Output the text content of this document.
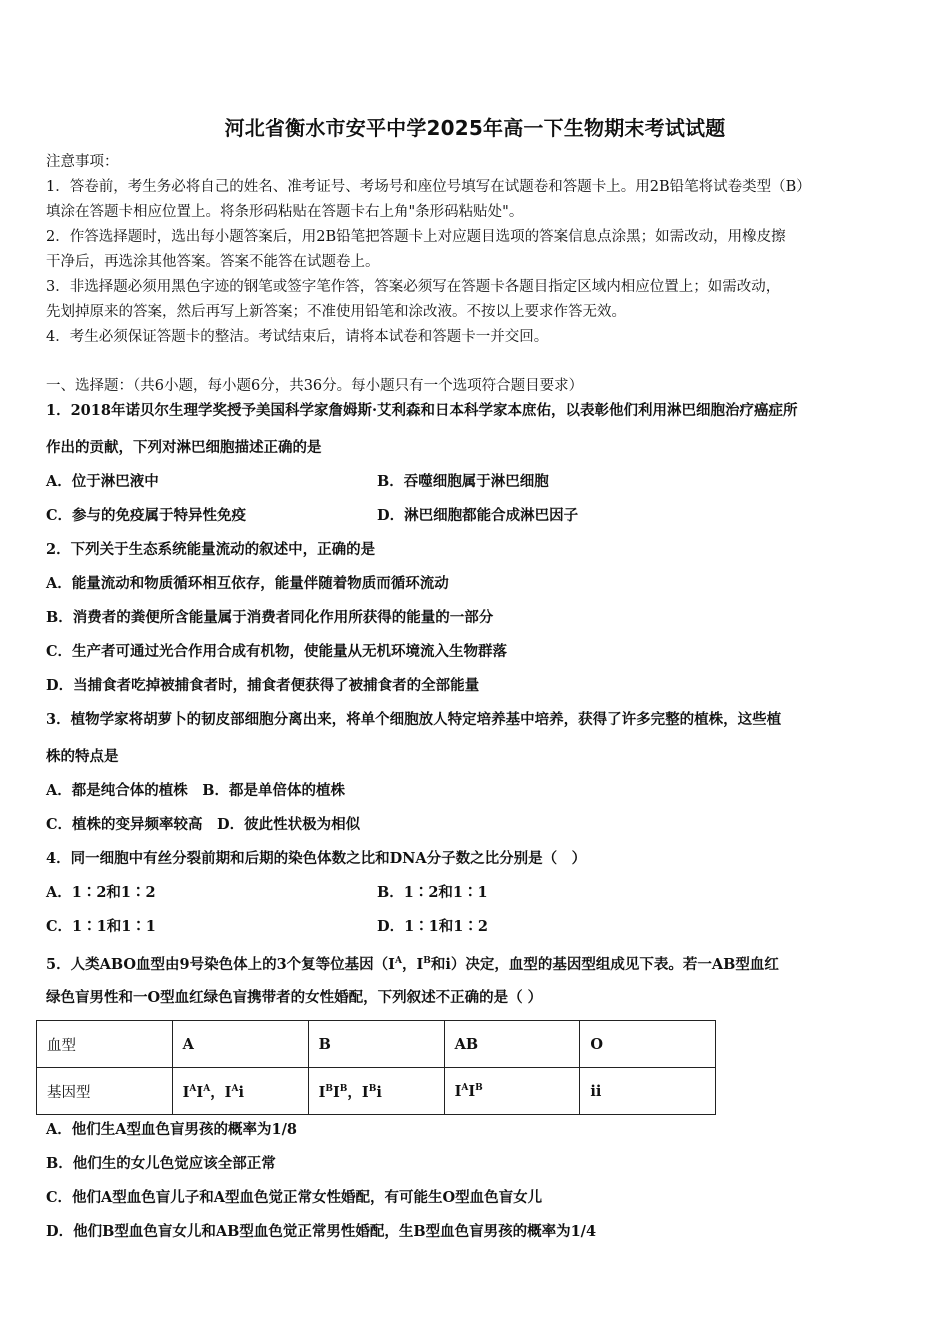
河北省衡水市安平中学2025年高一下生物期末考试试题
注意事项：
1．答卷前，考生务必将自己的姓名、准考证号、考场号和座位号填写在试题卷和答题卡上。用2B铅笔将试卷类型（B）
填涂在答题卡相应位置上。将条形码粘贴在答题卡右上角"条形码粘贴处"。
2．作答选择题时，选出每小题答案后，用2B铅笔把答题卡上对应题目选项的答案信息点涂黑；如需改动，用橡皮擦
干净后，再选涂其他答案。答案不能答在试题卷上。
3．非选择题必须用黑色字迹的钢笔或签字笔作答，答案必须写在答题卡各题目指定区域内相应位置上；如需改动，
先划掉原来的答案，然后再写上新答案；不准使用铅笔和涂改液。不按以上要求作答无效。
4．考生必须保证答题卡的整洁。考试结束后，请将本试卷和答题卡一并交回。
一、选择题：（共6小题，每小题6分，共36分。每小题只有一个选项符合题目要求）
1．2018年诺贝尔生理学奖授予美国科学家詹姆斯·艾利森和日本科学家本庶佑，以表彰他们利用淋巴细胞治疗癌症所
作出的贡献，下列对淋巴细胞描述正确的是
A．位于淋巴液中	B．吞噬细胞属于淋巴细胞
C．参与的免疫属于特异性免疫	D．淋巴细胞都能合成淋巴因子
2．下列关于生态系统能量流动的叙述中，正确的是
A．能量流动和物质循环相互依存，能量伴随着物质而循环流动
B．消费者的粪便所含能量属于消费者同化作用所获得的能量的一部分
C．生产者可通过光合作用合成有机物，使能量从无机环境流入生物群落
D．当捕食者吃掉被捕食者时，捕食者便获得了被捕食者的全部能量
3．植物学家将胡萝卜的韧皮部细胞分离出来，将单个细胞放人特定培养基中培养，获得了许多完整的植株，这些植
株的特点是
A．都是纯合体的植株　B．都是单倍体的植株
C．植株的变异频率较高　D．彼此性状极为相似
4．同一细胞中有丝分裂前期和后期的染色体数之比和DNA分子数之比分别是（　）
A．1∶2和1∶2	B．1∶2和1∶1
C．1∶1和1∶1	D．1∶1和1∶2
5．人类ABO血型由9号染色体上的3个复等位基因（$I^A$，$I^B$和i）决定，血型的基因型组成见下表。若一AB型血红
绿色盲男性和一O型血红绿色盲携带者的女性婚配，下列叙述不正确的是（ ）
血型	A	B	AB	O
基因型	$I^AI^A$，$I^Ai$	$I^BI^B$，$I^Bi$	$I^AI^B$	ii
A．他们生A型血色盲男孩的概率为1/8
B．他们生的女儿色觉应该全部正常
C．他们A型血色盲儿子和A型血色觉正常女性婚配，有可能生O型血色盲女儿
D．他们B型血色盲女儿和AB型血色觉正常男性婚配，生B型血色盲男孩的概率为1/4
